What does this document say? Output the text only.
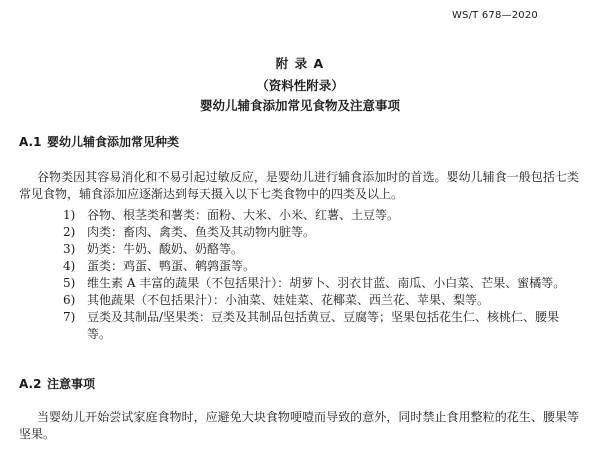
WS/T 678—2020
附 录 A
（资料性附录）
婴幼儿辅食添加常见食物及注意事项
A.1 婴幼儿辅食添加常见种类

谷物类因其容易消化和不易引起过敏反应，是婴幼儿进行辅食添加时的首选。婴幼儿辅食一般包括七类常见食物，辅食添加应逐渐达到每天摄入以下七类食物中的四类及以上。

1) 谷物、根茎类和薯类：面粉、大米、小米、红薯、土豆等。
2) 肉类：畜肉、禽类、鱼类及其动物内脏等。
3) 奶类：牛奶、酸奶、奶酪等。
4) 蛋类：鸡蛋、鸭蛋、鹌鹑蛋等。
5) 维生素 A 丰富的蔬果（不包括果汁）：胡萝卜、羽衣甘蓝、南瓜、小白菜、芒果、蜜橘等。
6) 其他蔬果（不包括果汁）：小油菜、娃娃菜、花椰菜、西兰花、苹果、梨等。
7) 豆类及其制品/坚果类：豆类及其制品包括黄豆、豆腐等；坚果包括花生仁、核桃仁、腰果等。
A.2 注意事项

当婴幼儿开始尝试家庭食物时，应避免大块食物哽噎而导致的意外，同时禁止食用整粒的花生、腰果等坚果。
